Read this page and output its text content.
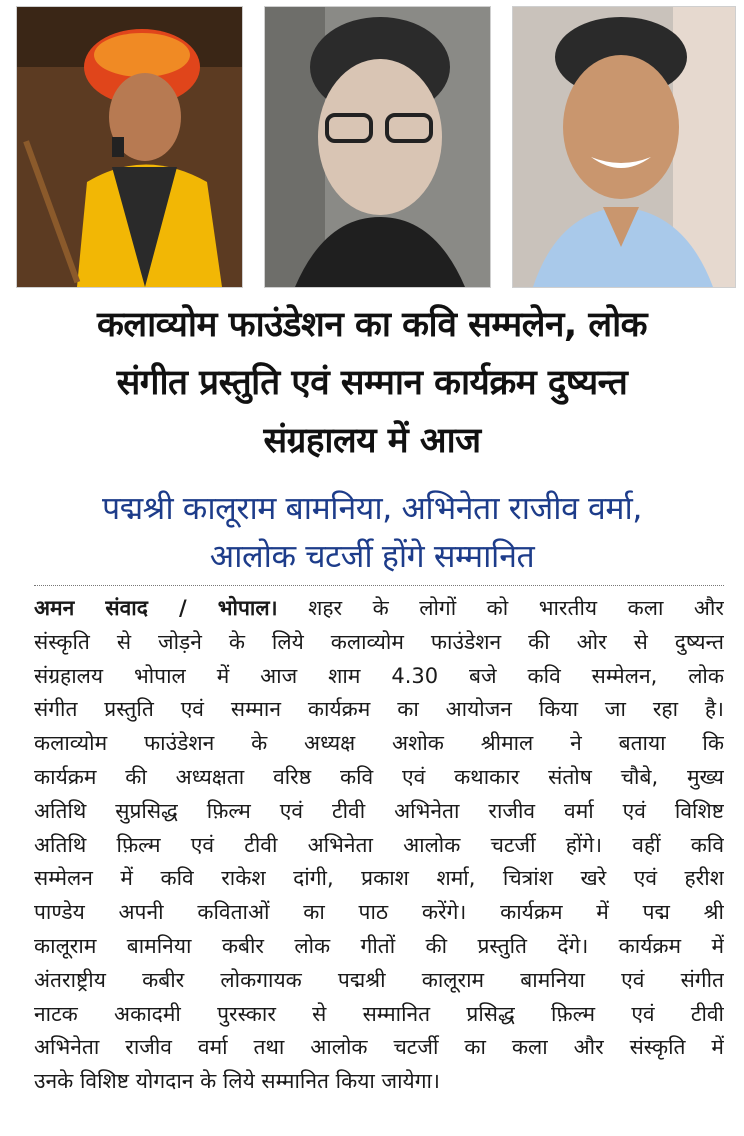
कलाव्योम फाउंडेशन का कवि सम्मलेन, लोक
संगीत प्रस्तुति एवं सम्मान कार्यक्रम दुष्यन्त
संग्रहालय में आज
पद्मश्री कालूराम बामनिया, अभिनेता राजीव वर्मा,
आलोक चटर्जी होंगे सम्मानित
अमन संवाद / भोपाल। शहर के लोगों को भारतीय कला और
संस्कृति से जोड़ने के लिये कलाव्योम फाउंडेशन की ओर से दुष्यन्त
संग्रहालय भोपाल में आज शाम 4.30 बजे कवि सम्मेलन, लोक
संगीत प्रस्तुति एवं सम्मान कार्यक्रम का आयोजन किया जा रहा है।
कलाव्योम फाउंडेशन के अध्यक्ष अशोक श्रीमाल ने बताया कि
कार्यक्रम की अध्यक्षता वरिष्ठ कवि एवं कथाकार संतोष चौबे, मुख्य
अतिथि सुप्रसिद्ध फ़िल्म एवं टीवी अभिनेता राजीव वर्मा एवं विशिष्ट
अतिथि फ़िल्म एवं टीवी अभिनेता आलोक चटर्जी होंगे। वहीं कवि
सम्मेलन में कवि राकेश दांगी, प्रकाश शर्मा, चित्रांश खरे एवं हरीश
पाण्डेय अपनी कविताओं का पाठ करेंगे। कार्यक्रम में पद्म श्री
कालूराम बामनिया कबीर लोक गीतों की प्रस्तुति देंगे। कार्यक्रम में
अंतराष्ट्रीय कबीर लोकगायक पद्मश्री कालूराम बामनिया एवं संगीत
नाटक अकादमी पुरस्कार से सम्मानित प्रसिद्ध फ़िल्म एवं टीवी
अभिनेता राजीव वर्मा तथा आलोक चटर्जी का कला और संस्कृति में
उनके विशिष्ट योगदान के लिये सम्मानित किया जायेगा।
